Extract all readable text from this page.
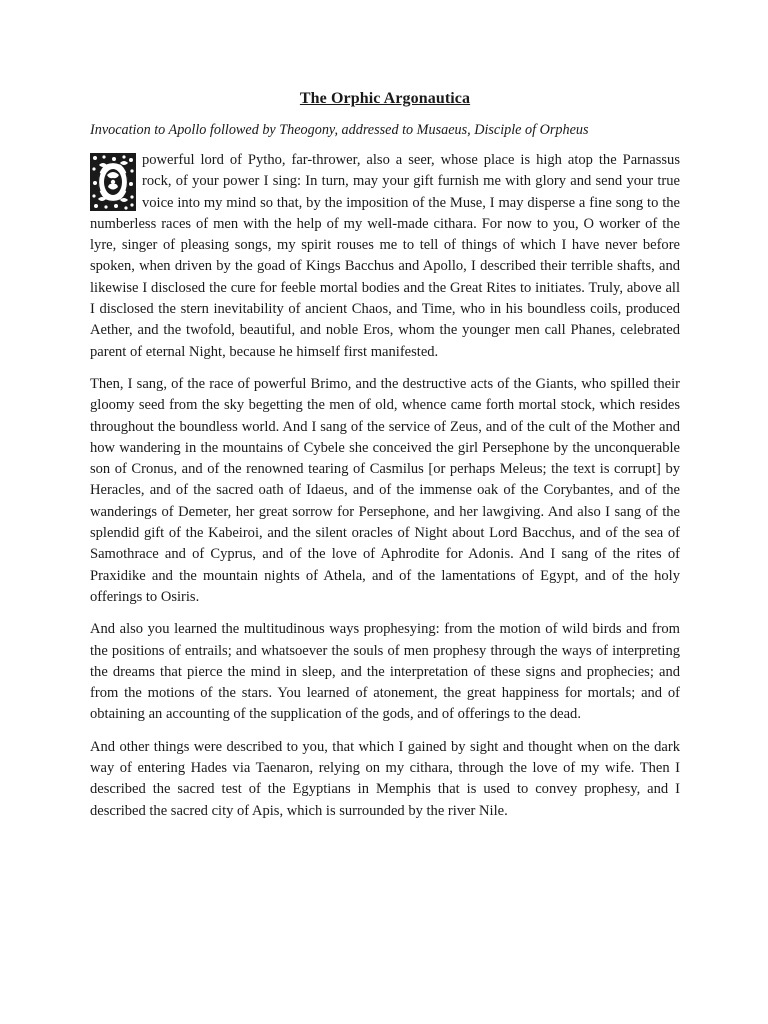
The Orphic Argonautica
Invocation to Apollo followed by Theogony, addressed to Musaeus, Disciple of Orpheus
powerful lord of Pytho, far-thrower, also a seer, whose place is high atop the Parnassus rock, of your power I sing: In turn, may your gift furnish me with glory and send your true voice into my mind so that, by the imposition of the Muse, I may disperse a fine song to the numberless races of men with the help of my well-made cithara. For now to you, O worker of the lyre, singer of pleasing songs, my spirit rouses me to tell of things of which I have never before spoken, when driven by the goad of Kings Bacchus and Apollo, I described their terrible shafts, and likewise I disclosed the cure for feeble mortal bodies and the Great Rites to initiates. Truly, above all I disclosed the stern inevitability of ancient Chaos, and Time, who in his boundless coils, produced Aether, and the twofold, beautiful, and noble Eros, whom the younger men call Phanes, celebrated parent of eternal Night, because he himself first manifested.
Then, I sang, of the race of powerful Brimo, and the destructive acts of the Giants, who spilled their gloomy seed from the sky begetting the men of old, whence came forth mortal stock, which resides throughout the boundless world. And I sang of the service of Zeus, and of the cult of the Mother and how wandering in the mountains of Cybele she conceived the girl Persephone by the unconquerable son of Cronus, and of the renowned tearing of Casmilus [or perhaps Meleus; the text is corrupt] by Heracles, and of the sacred oath of Idaeus, and of the immense oak of the Corybantes, and of the wanderings of Demeter, her great sorrow for Persephone, and her lawgiving. And also I sang of the splendid gift of the Kabeiroi, and the silent oracles of Night about Lord Bacchus, and of the sea of Samothrace and of Cyprus, and of the love of Aphrodite for Adonis. And I sang of the rites of Praxidike and the mountain nights of Athela, and of the lamentations of Egypt, and of the holy offerings to Osiris.
And also you learned the multitudinous ways prophesying: from the motion of wild birds and from the positions of entrails; and whatsoever the souls of men prophesy through the ways of interpreting the dreams that pierce the mind in sleep, and the interpretation of these signs and prophecies; and from the motions of the stars. You learned of atonement, the great happiness for mortals; and of obtaining an accounting of the supplication of the gods, and of offerings to the dead.
And other things were described to you, that which I gained by sight and thought when on the dark way of entering Hades via Taenaron, relying on my cithara, through the love of my wife. Then I described the sacred test of the Egyptians in Memphis that is used to convey prophesy, and I described the sacred city of Apis, which is surrounded by the river Nile.
